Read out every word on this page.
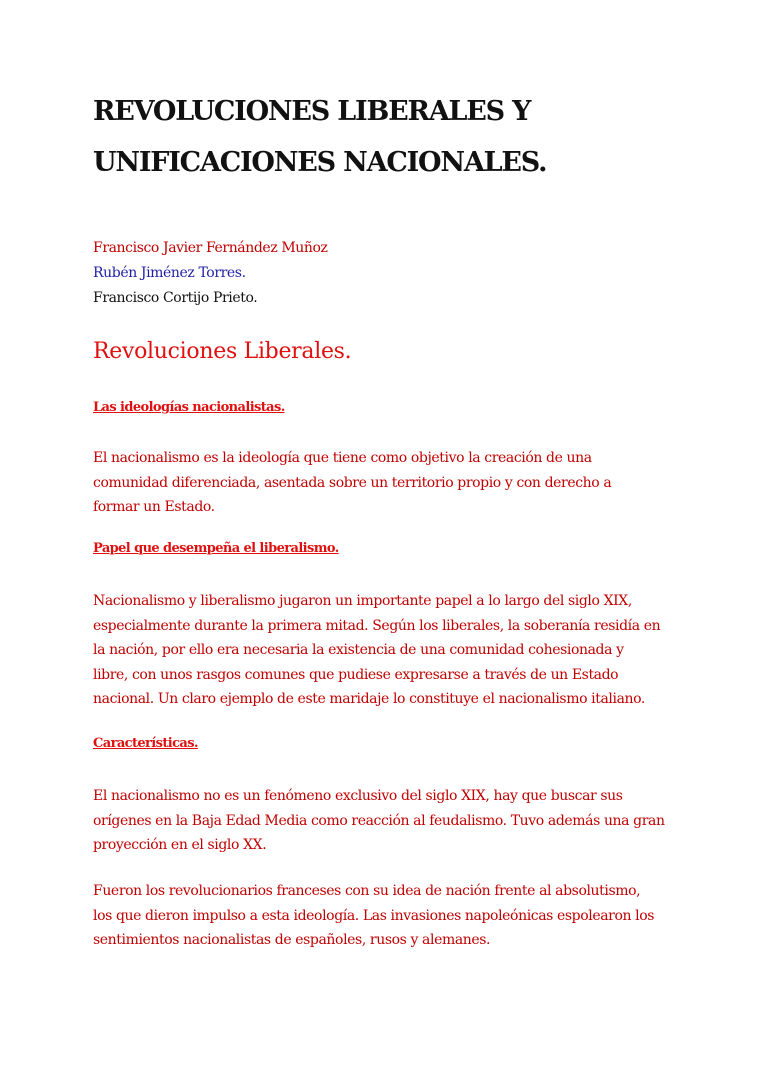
REVOLUCIONES LIBERALES Y
UNIFICACIONES NACIONALES.
Francisco Javier Fernández Muñoz
Rubén Jiménez Torres.
Francisco Cortijo Prieto.
Revoluciones Liberales.
Las ideologías nacionalistas.

El nacionalismo es la ideología que tiene como objetivo la creación de una
comunidad diferenciada, asentada sobre un territorio propio y con derecho a
formar un Estado.

Papel que desempeña el liberalismo.

Nacionalismo y liberalismo jugaron un importante papel a lo largo del siglo XIX,
especialmente durante la primera mitad. Según los liberales, la soberanía residía en
la nación, por ello era necesaria la existencia de una comunidad cohesionada y
libre, con unos rasgos comunes que pudiese expresarse a través de un Estado
nacional. Un claro ejemplo de este maridaje lo constituye el nacionalismo italiano.

Características.

El nacionalismo no es un fenómeno exclusivo del siglo XIX, hay que buscar sus
orígenes en la Baja Edad Media como reacción al feudalismo. Tuvo además una gran
proyección en el siglo XX.

Fueron los revolucionarios franceses con su idea de nación frente al absolutismo,
los que dieron impulso a esta ideología. Las invasiones napoleónicas espolearon los
sentimientos nacionalistas de españoles, rusos y alemanes.
